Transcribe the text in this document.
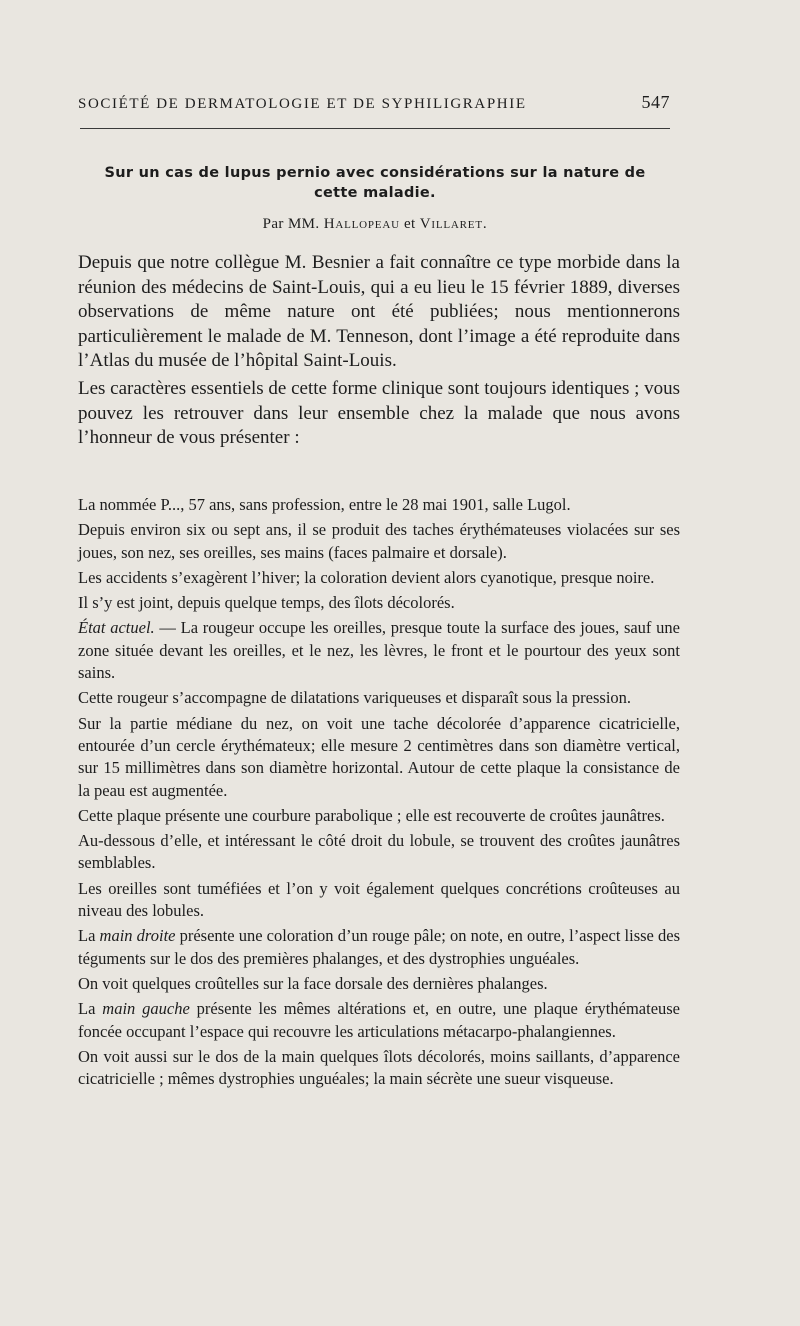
SOCIÉTÉ DE DERMATOLOGIE ET DE SYPHILIGRAPHIE	547
Sur un cas de lupus pernio avec considérations sur la nature de
cette maladie.
Par MM. Hallopeau et Villaret.

Depuis que notre collègue M. Besnier a fait connaître ce type morbide dans la réunion des médecins de Saint-Louis, qui a eu lieu le 15 février 1889, diverses observations de même nature ont été publiées; nous mentionnerons particulièrement le malade de M. Tenneson, dont l’image a été reproduite dans l’Atlas du musée de l’hôpital Saint-Louis.

Les caractères essentiels de cette forme clinique sont toujours identiques ; vous pouvez les retrouver dans leur ensemble chez la malade que nous avons l’honneur de vous présenter :

La nommée P..., 57 ans, sans profession, entre le 28 mai 1901, salle Lugol.

Depuis environ six ou sept ans, il se produit des taches érythémateuses violacées sur ses joues, son nez, ses oreilles, ses mains (faces palmaire et dorsale).

Les accidents s’exagèrent l’hiver; la coloration devient alors cyanotique, presque noire.

Il s’y est joint, depuis quelque temps, des îlots décolorés.

État actuel. — La rougeur occupe les oreilles, presque toute la surface des joues, sauf une zone située devant les oreilles, et le nez, les lèvres, le front et le pourtour des yeux sont sains.

Cette rougeur s’accompagne de dilatations variqueuses et disparaît sous la pression.

Sur la partie médiane du nez, on voit une tache décolorée d’apparence cicatricielle, entourée d’un cercle érythémateux; elle mesure 2 centimètres dans son diamètre vertical, sur 15 millimètres dans son diamètre horizontal. Autour de cette plaque la consistance de la peau est augmentée.

Cette plaque présente une courbure parabolique ; elle est recouverte de croûtes jaunâtres.

Au-dessous d’elle, et intéressant le côté droit du lobule, se trouvent des croûtes jaunâtres semblables.

Les oreilles sont tuméfiées et l’on y voit également quelques concrétions croûteuses au niveau des lobules.

La main droite présente une coloration d’un rouge pâle; on note, en outre, l’aspect lisse des téguments sur le dos des premières phalanges, et des dystrophies unguéales.

On voit quelques croûtelles sur la face dorsale des dernières phalanges.

La main gauche présente les mêmes altérations et, en outre, une plaque érythémateuse foncée occupant l’espace qui recouvre les articulations métacarpo-phalangiennes.

On voit aussi sur le dos de la main quelques îlots décolorés, moins saillants, d’apparence cicatricielle ; mêmes dystrophies unguéales; la main sécrète une sueur visqueuse.
